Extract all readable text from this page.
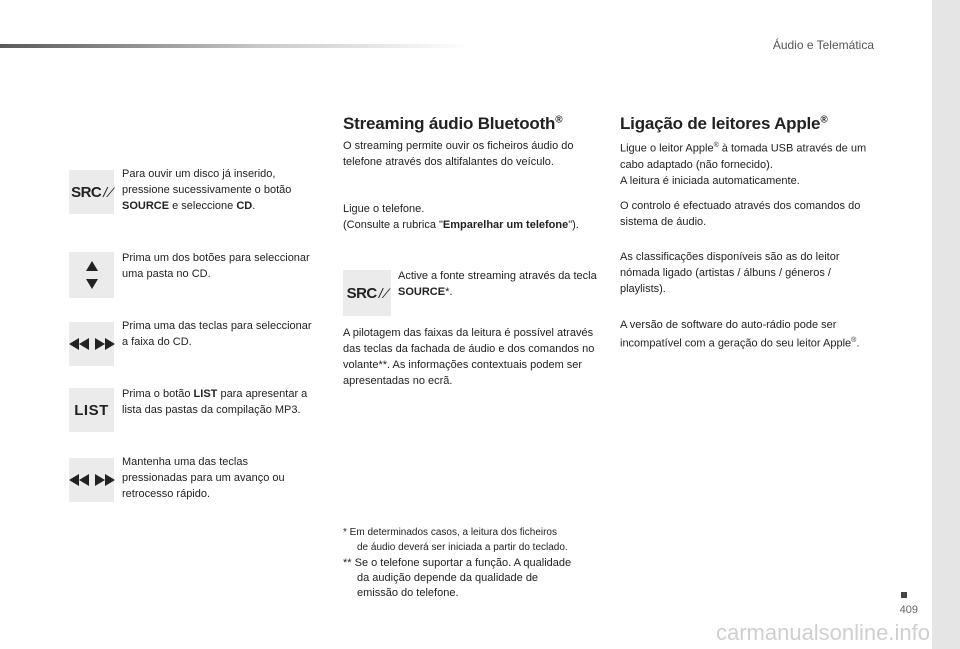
Áudio e Telemática
SRC / ⁄
Para ouvir um disco já inserido, pressione sucessivamente o botão SOURCE e seleccione CD.
Prima um dos botões para seleccionar uma pasta no CD.
Prima uma das teclas para seleccionar a faixa do CD.
LIST
Prima o botão LIST para apresentar a lista das pastas da compilação MP3.
Mantenha uma das teclas pressionadas para um avanço ou retrocesso rápido.
Streaming áudio Bluetooth®
O streaming permite ouvir os ficheiros áudio do telefone através dos altifalantes do veículo.
Ligue o telefone.
(Consulte a rubrica "Emparelhar um telefone").
SRC / ⁄
Active a fonte streaming através da tecla SOURCE*.
A pilotagem das faixas da leitura é possível através das teclas da fachada de áudio e dos comandos no volante**. As informações contextuais podem ser apresentadas no ecrã.
* Em determinados casos, a leitura dos ficheiros
de áudio deverá ser iniciada a partir do teclado.
** Se o telefone suportar a função. A qualidade
da audição depende da qualidade de
emissão do telefone.
Ligação de leitores Apple®
Ligue o leitor Apple® à tomada USB através de um cabo adaptado (não fornecido).
A leitura é iniciada automaticamente.
O controlo é efectuado através dos comandos do sistema de áudio.
As classificações disponíveis são as do leitor nómada ligado (artistas / álbuns / géneros / playlists).
A versão de software do auto-rádio pode ser incompatível com a geração do seu leitor Apple®.
409
carmanualsonline.info
